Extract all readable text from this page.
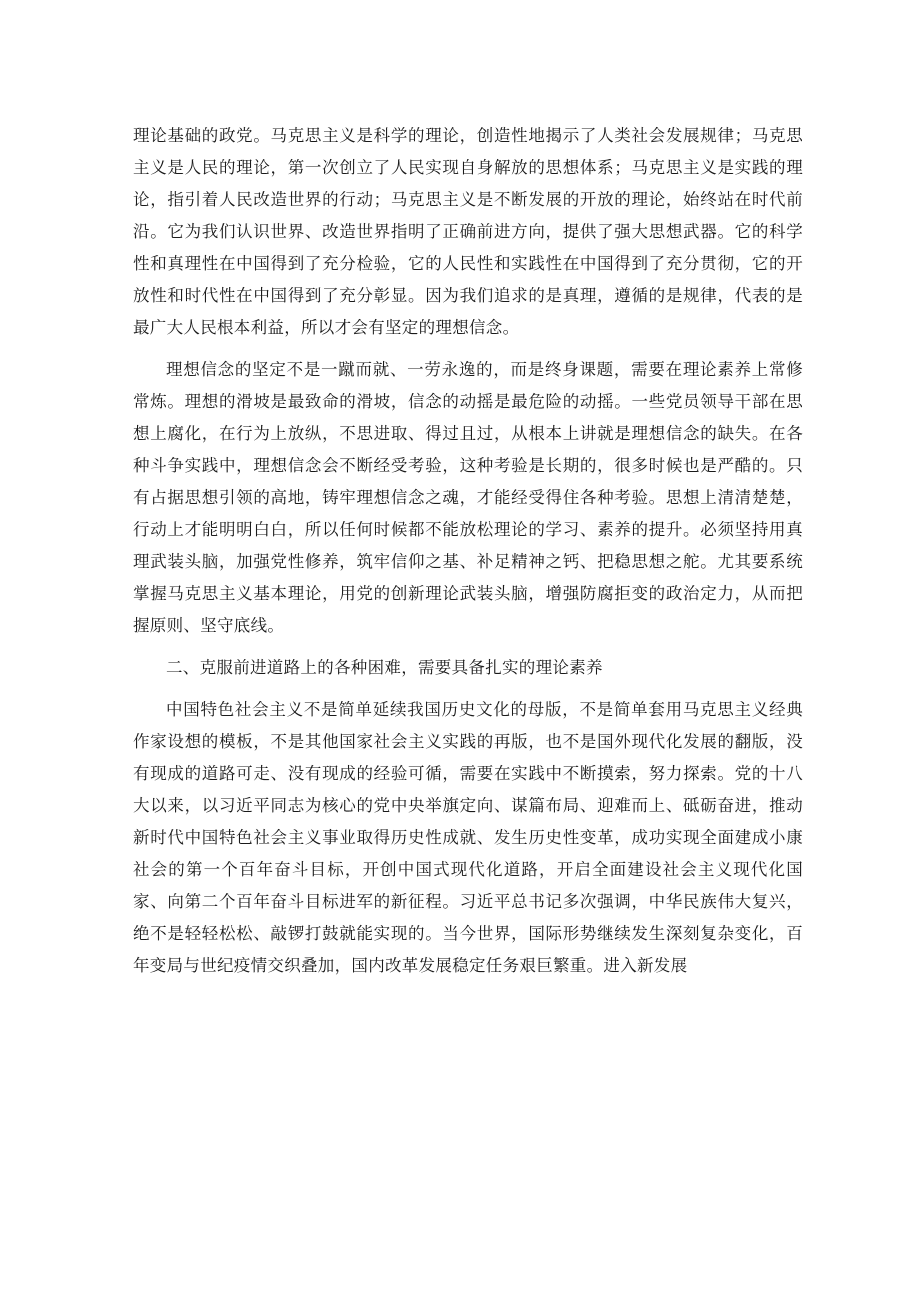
理论基础的政党。马克思主义是科学的理论，创造性地揭示了人类社会发展规律；马克思主义是人民的理论，第一次创立了人民实现自身解放的思想体系；马克思主义是实践的理论，指引着人民改造世界的行动；马克思主义是不断发展的开放的理论，始终站在时代前沿。它为我们认识世界、改造世界指明了正确前进方向，提供了强大思想武器。它的科学性和真理性在中国得到了充分检验，它的人民性和实践性在中国得到了充分贯彻，它的开放性和时代性在中国得到了充分彰显。因为我们追求的是真理，遵循的是规律，代表的是最广大人民根本利益，所以才会有坚定的理想信念。

理想信念的坚定不是一蹴而就、一劳永逸的，而是终身课题，需要在理论素养上常修常炼。理想的滑坡是最致命的滑坡，信念的动摇是最危险的动摇。一些党员领导干部在思想上腐化，在行为上放纵，不思进取、得过且过，从根本上讲就是理想信念的缺失。在各种斗争实践中，理想信念会不断经受考验，这种考验是长期的，很多时候也是严酷的。只有占据思想引领的高地，铸牢理想信念之魂，才能经受得住各种考验。思想上清清楚楚，行动上才能明明白白，所以任何时候都不能放松理论的学习、素养的提升。必须坚持用真理武装头脑，加强党性修养，筑牢信仰之基、补足精神之钙、把稳思想之舵。尤其要系统掌握马克思主义基本理论，用党的创新理论武装头脑，增强防腐拒变的政治定力，从而把握原则、坚守底线。

二、克服前进道路上的各种困难，需要具备扎实的理论素养

中国特色社会主义不是简单延续我国历史文化的母版，不是简单套用马克思主义经典作家设想的模板，不是其他国家社会主义实践的再版，也不是国外现代化发展的翻版，没有现成的道路可走、没有现成的经验可循，需要在实践中不断摸索，努力探索。党的十八大以来，以习近平同志为核心的党中央举旗定向、谋篇布局、迎难而上、砥砺奋进，推动新时代中国特色社会主义事业取得历史性成就、发生历史性变革，成功实现全面建成小康社会的第一个百年奋斗目标，开创中国式现代化道路，开启全面建设社会主义现代化国家、向第二个百年奋斗目标进军的新征程。习近平总书记多次强调，中华民族伟大复兴，绝不是轻轻松松、敲锣打鼓就能实现的。当今世界，国际形势继续发生深刻复杂变化，百年变局与世纪疫情交织叠加，国内改革发展稳定任务艰巨繁重。进入新发展
